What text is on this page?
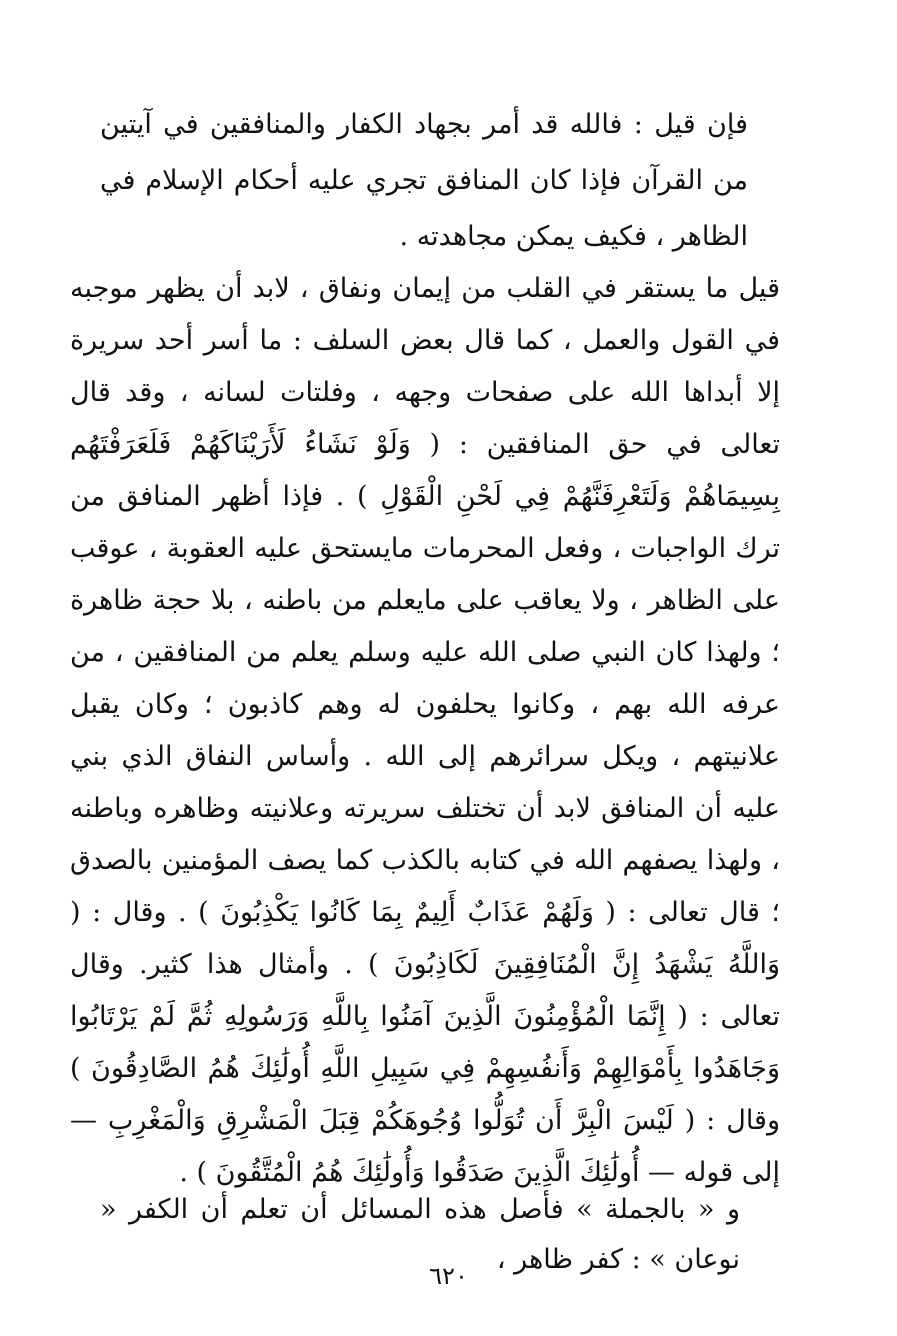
فإن قيل : فالله قد أمر بجهاد الكفار والمنافقين في آيتين من القرآن فإذا كان المنافق تجري عليه أحكام الإسلام في الظاهر ، فكيف يمكن مجاهدته .

قيل ما يستقر في القلب من إيمان ونفاق ، لابد أن يظهر موجبه في القول والعمل ، كما قال بعض السلف : ما أسر أحد سريرة إلا أبداها الله على صفحات وجهه ، وفلتات لسانه ، وقد قال تعالى في حق المنافقين : ( وَلَوْ نَشَاءُ لَأَرَيْنَاكَهُمْ فَلَعَرَفْتَهُم بِسِيمَاهُمْ وَلَتَعْرِفَنَّهُمْ فِي لَحْنِ الْقَوْلِ ) . فإذا أظهر المنافق من ترك الواجبات ، وفعل المحرمات مايستحق عليه العقوبة ، عوقب على الظاهر ، ولا يعاقب على مايعلم من باطنه ، بلا حجة ظاهرة ؛ ولهذا كان النبي صلى الله عليه وسلم يعلم من المنافقين ، من عرفه الله بهم ، وكانوا يحلفون له وهم كاذبون ؛ وكان يقبل علانيتهم ، ويكل سرائرهم إلى الله . وأساس النفاق الذي بني عليه أن المنافق لابد أن تختلف سريرته وعلانيته وظاهره وباطنه ، ولهذا يصفهم الله في كتابه بالكذب كما يصف المؤمنين بالصدق ؛ قال تعالى : ( وَلَهُمْ عَذَابٌ أَلِيمٌ بِمَا كَانُوا يَكْذِبُونَ ) . وقال : ( وَاللَّهُ يَشْهَدُ إِنَّ الْمُنَافِقِينَ لَكَاذِبُونَ ) . وأمثال هذا كثير. وقال تعالى : ( إِنَّمَا الْمُؤْمِنُونَ الَّذِينَ آمَنُوا بِاللَّهِ وَرَسُولِهِ ثُمَّ لَمْ يَرْتَابُوا وَجَاهَدُوا بِأَمْوَالِهِمْ وَأَنفُسِهِمْ فِي سَبِيلِ اللَّهِ أُولَٰئِكَ هُمُ الصَّادِقُونَ ) وقال : ( لَيْسَ الْبِرَّ أَن تُوَلُّوا وُجُوهَكُمْ قِبَلَ الْمَشْرِقِ وَالْمَغْرِبِ — إلى قوله — أُولَٰئِكَ الَّذِينَ صَدَقُوا وَأُولَٰئِكَ هُمُ الْمُتَّقُونَ ) .

و « بالجملة » فأصل هذه المسائل أن تعلم أن الكفر « نوعان » : كفر ظاهر ،

٦٢٠
